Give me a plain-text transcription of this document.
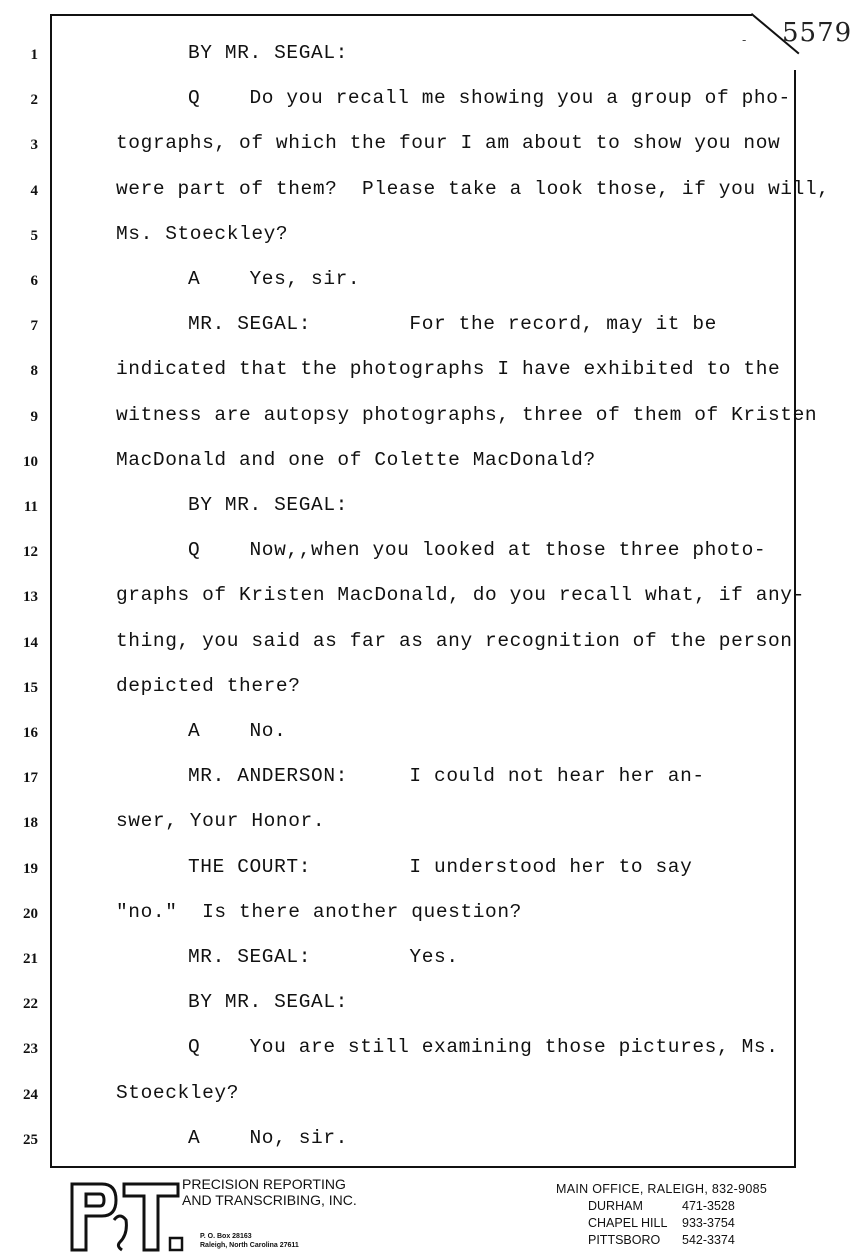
5579
-
1	BY MR. SEGAL:
2	Q    Do you recall me showing you a group of pho-
3	tographs, of which the four I am about to show you now
4	were part of them?  Please take a look those, if you will,
5	Ms. Stoeckley?
6	A    Yes, sir.
7	MR. SEGAL:        For the record, may it be
8	indicated that the photographs I have exhibited to the
9	witness are autopsy photographs, three of them of Kristen
10	MacDonald and one of Colette MacDonald?
11	BY MR. SEGAL:
12	Q    Now,,when you looked at those three photo-
13	graphs of Kristen MacDonald, do you recall what, if any-
14	thing, you said as far as any recognition of the person
15	depicted there?
16	A    No.
17	MR. ANDERSON:     I could not hear her an-
18	swer, Your Honor.
19	THE COURT:        I understood her to say
20	"no."  Is there another question?
21	MR. SEGAL:        Yes.
22	BY MR. SEGAL:
23	Q    You are still examining those pictures, Ms.
24	Stoeckley?
25	A    No, sir.
PRECISION REPORTING
AND TRANSCRIBING, INC.
P. O. Box 28163
Raleigh, North Carolina 27611
MAIN OFFICE, RALEIGH, 832-9085
DURHAM	471-3528
CHAPEL HILL	933-3754
PITTSBORO	542-3374
